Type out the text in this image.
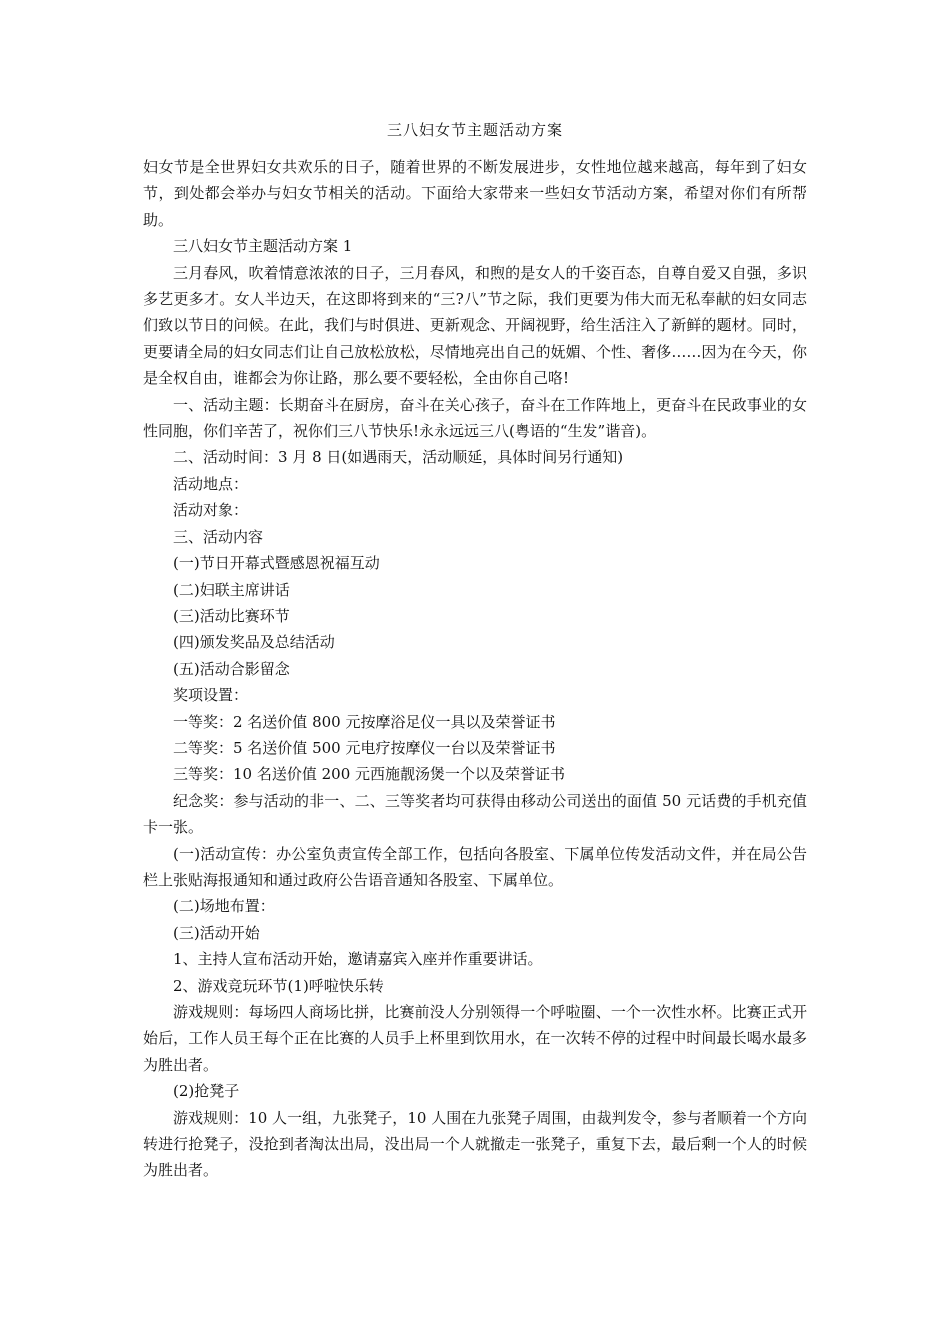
三八妇女节主题活动方案

妇女节是全世界妇女共欢乐的日子，随着世界的不断发展进步，女性地位越来越高，每年到了妇女节，到处都会举办与妇女节相关的活动。下面给大家带来一些妇女节活动方案，希望对你们有所帮助。

三八妇女节主题活动方案 1

三月春风，吹着情意浓浓的日子，三月春风，和煦的是女人的千姿百态，自尊自爱又自强，多识多艺更多才。女人半边天，在这即将到来的“三?八”节之际，我们更要为伟大而无私奉献的妇女同志们致以节日的问候。在此，我们与时俱进、更新观念、开阔视野，给生活注入了新鲜的题材。同时，更要请全局的妇女同志们让自己放松放松，尽情地亮出自己的妩媚、个性、奢侈……因为在今天，你是全权自由，谁都会为你让路，那么要不要轻松，全由你自己咯!

一、活动主题：长期奋斗在厨房，奋斗在关心孩子，奋斗在工作阵地上，更奋斗在民政事业的女性同胞，你们辛苦了，祝你们三八节快乐!永永远远三八(粤语的“生发”谐音)。

二、活动时间：3 月 8 日(如遇雨天，活动顺延，具体时间另行通知)

活动地点：

活动对象：

三、活动内容

(一)节日开幕式暨感恩祝福互动

(二)妇联主席讲话

(三)活动比赛环节

(四)颁发奖品及总结活动

(五)活动合影留念

奖项设置：

一等奖：2 名送价值 800 元按摩浴足仪一具以及荣誉证书

二等奖：5 名送价值 500 元电疗按摩仪一台以及荣誉证书

三等奖：10 名送价值 200 元西施靓汤煲一个以及荣誉证书

纪念奖：参与活动的非一、二、三等奖者均可获得由移动公司送出的面值 50 元话费的手机充值卡一张。

(一)活动宣传：办公室负责宣传全部工作，包括向各股室、下属单位传发活动文件，并在局公告栏上张贴海报通知和通过政府公告语音通知各股室、下属单位。

(二)场地布置：

(三)活动开始

1、主持人宣布活动开始，邀请嘉宾入座并作重要讲话。

2、游戏竞玩环节(1)呼啦快乐转

游戏规则：每场四人商场比拼，比赛前没人分别领得一个呼啦圈、一个一次性水杯。比赛正式开始后，工作人员王每个正在比赛的人员手上杯里到饮用水，在一次转不停的过程中时间最长喝水最多为胜出者。

(2)抢凳子

游戏规则：10 人一组，九张凳子，10 人围在九张凳子周围，由裁判发令，参与者顺着一个方向转进行抢凳子，没抢到者淘汰出局，没出局一个人就撤走一张凳子，重复下去，最后剩一个人的时候为胜出者。
